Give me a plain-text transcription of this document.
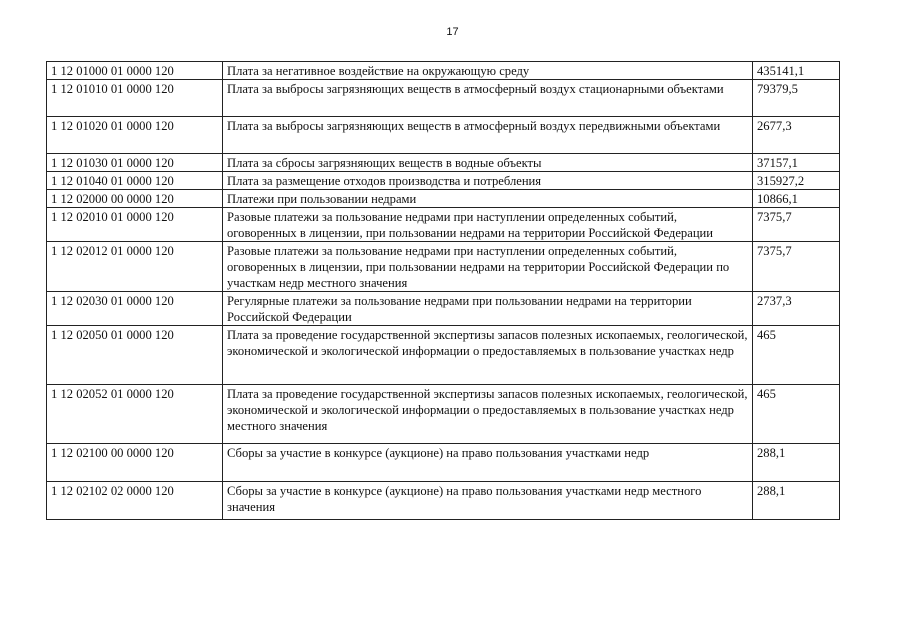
17
1 12 01000 01 0000 120	Плата за негативное воздействие на окружающую среду	435141,1
1 12 01010 01 0000 120	Плата за выбросы загрязняющих веществ в атмосферный воздух стационарными объектами	79379,5
1 12 01020 01 0000 120	Плата за выбросы загрязняющих веществ в атмосферный воздух передвижными объектами	2677,3
1 12 01030 01 0000 120	Плата за сбросы загрязняющих веществ в водные объекты	37157,1
1 12 01040 01 0000 120	Плата за размещение отходов производства и потребления	315927,2
1 12 02000 00 0000 120	Платежи при пользовании недрами	10866,1
1 12 02010 01 0000 120	Разовые платежи за пользование недрами при наступлении определенных событий, оговоренных в лицензии, при пользовании недрами на территории Российской Федерации	7375,7
1 12 02012 01 0000 120	Разовые платежи за пользование недрами при наступлении определенных событий, оговоренных в лицензии, при пользовании недрами на территории Российской Федерации по участкам недр местного значения	7375,7
1 12 02030 01 0000 120	Регулярные платежи за пользование недрами при пользовании недрами на территории Российской Федерации	2737,3
1 12 02050 01 0000 120	Плата за проведение государственной экспертизы запасов полезных ископаемых, геологической, экономической и экологической информации о предоставляемых в пользование участках недр	465
1 12 02052 01 0000 120	Плата за проведение государственной экспертизы запасов полезных ископаемых, геологической, экономической и экологической информации о предоставляемых в пользование участках недр местного значения	465
1 12 02100 00 0000 120	Сборы за участие в конкурсе (аукционе) на право пользования участками недр	288,1
1 12 02102 02 0000 120	Сборы за участие в конкурсе (аукционе) на право пользования участками недр местного значения	288,1
